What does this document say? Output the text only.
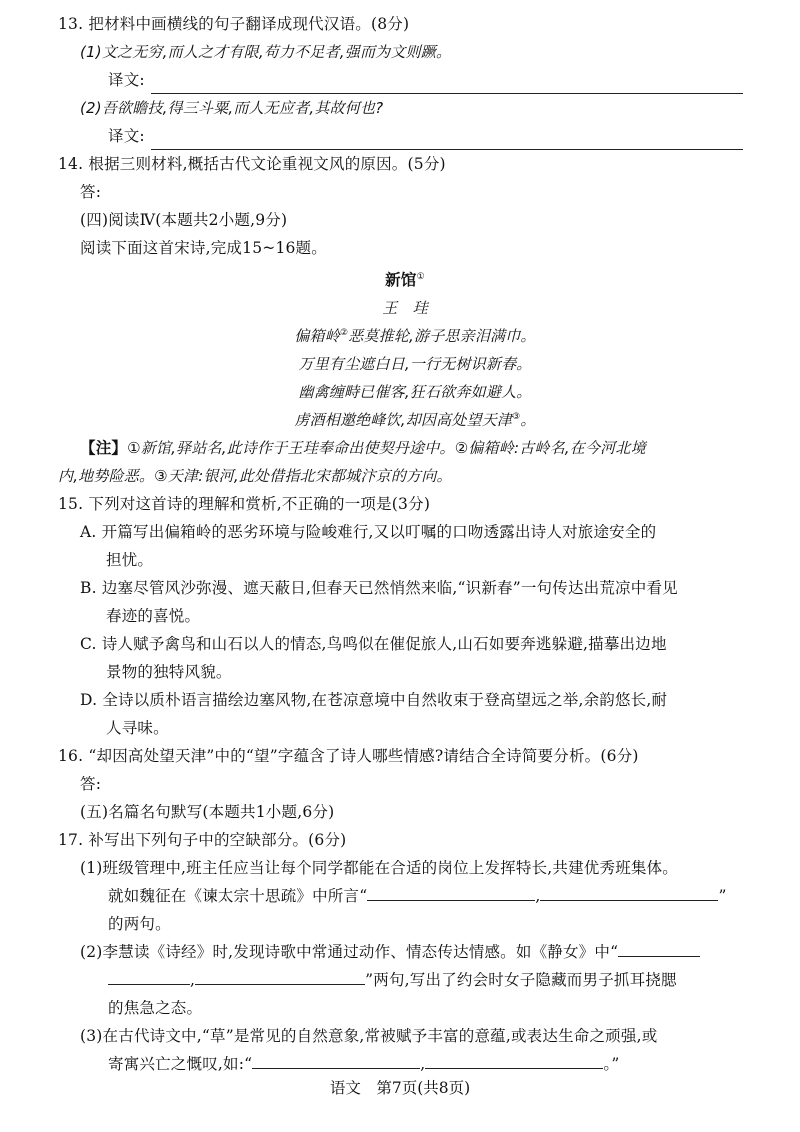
13. 把材料中画横线的句子翻译成现代汉语。(8分)
(1)文之无穷,而人之才有限,苟力不足者,强而为文则蹶。
译文:
(2)吾欲瞻技,得三斗粟,而人无应者,其故何也?
译文:
14. 根据三则材料,概括古代文论重视文风的原因。(5分)
答:
(四)阅读Ⅳ(本题共2小题,9分)
阅读下面这首宋诗,完成15~16题。
新馆①
王　珪
偏箱岭②恶莫推轮,游子思亲泪满巾。
万里有尘遮白日,一行无树识新春。
幽禽缠畤已催客,狂石欲奔如避人。
虏酒相邀绝峰饮,却因高处望天津③。
【注】①新馆,驿站名,此诗作于王珪奉命出使契丹途中。②偏箱岭:古岭名,在今河北境
内,地势险恶。③天津:银河,此处借指北宋都城汴京的方向。
15. 下列对这首诗的理解和赏析,不正确的一项是(3分)
A. 开篇写出偏箱岭的恶劣环境与险峻难行,又以叮嘱的口吻透露出诗人对旅途安全的
担忧。
B. 边塞尽管风沙弥漫、遮天蔽日,但春天已然悄然来临,“识新春”一句传达出荒凉中看见
春迹的喜悦。
C. 诗人赋予禽鸟和山石以人的情态,鸟鸣似在催促旅人,山石如要奔逃躲避,描摹出边地
景物的独特风貌。
D. 全诗以质朴语言描绘边塞风物,在苍凉意境中自然收束于登高望远之举,余韵悠长,耐
人寻味。
16. “却因高处望天津”中的“望”字蕴含了诗人哪些情感?请结合全诗简要分析。(6分)
答:
(五)名篇名句默写(本题共1小题,6分)
17. 补写出下列句子中的空缺部分。(6分)
(1)班级管理中,班主任应当让每个同学都能在合适的岗位上发挥特长,共建优秀班集体。
就如魏征在《谏太宗十思疏》中所言“	,	”
的两句。
(2)李慧读《诗经》时,发现诗歌中常通过动作、情态传达情感。如《静女》中“
,	”两句,写出了约会时女子隐藏而男子抓耳挠腮
的焦急之态。
(3)在古代诗文中,“草”是常见的自然意象,常被赋予丰富的意蕴,或表达生命之顽强,或
寄寓兴亡之慨叹,如:“	,	。”
语文　第7页(共8页)
